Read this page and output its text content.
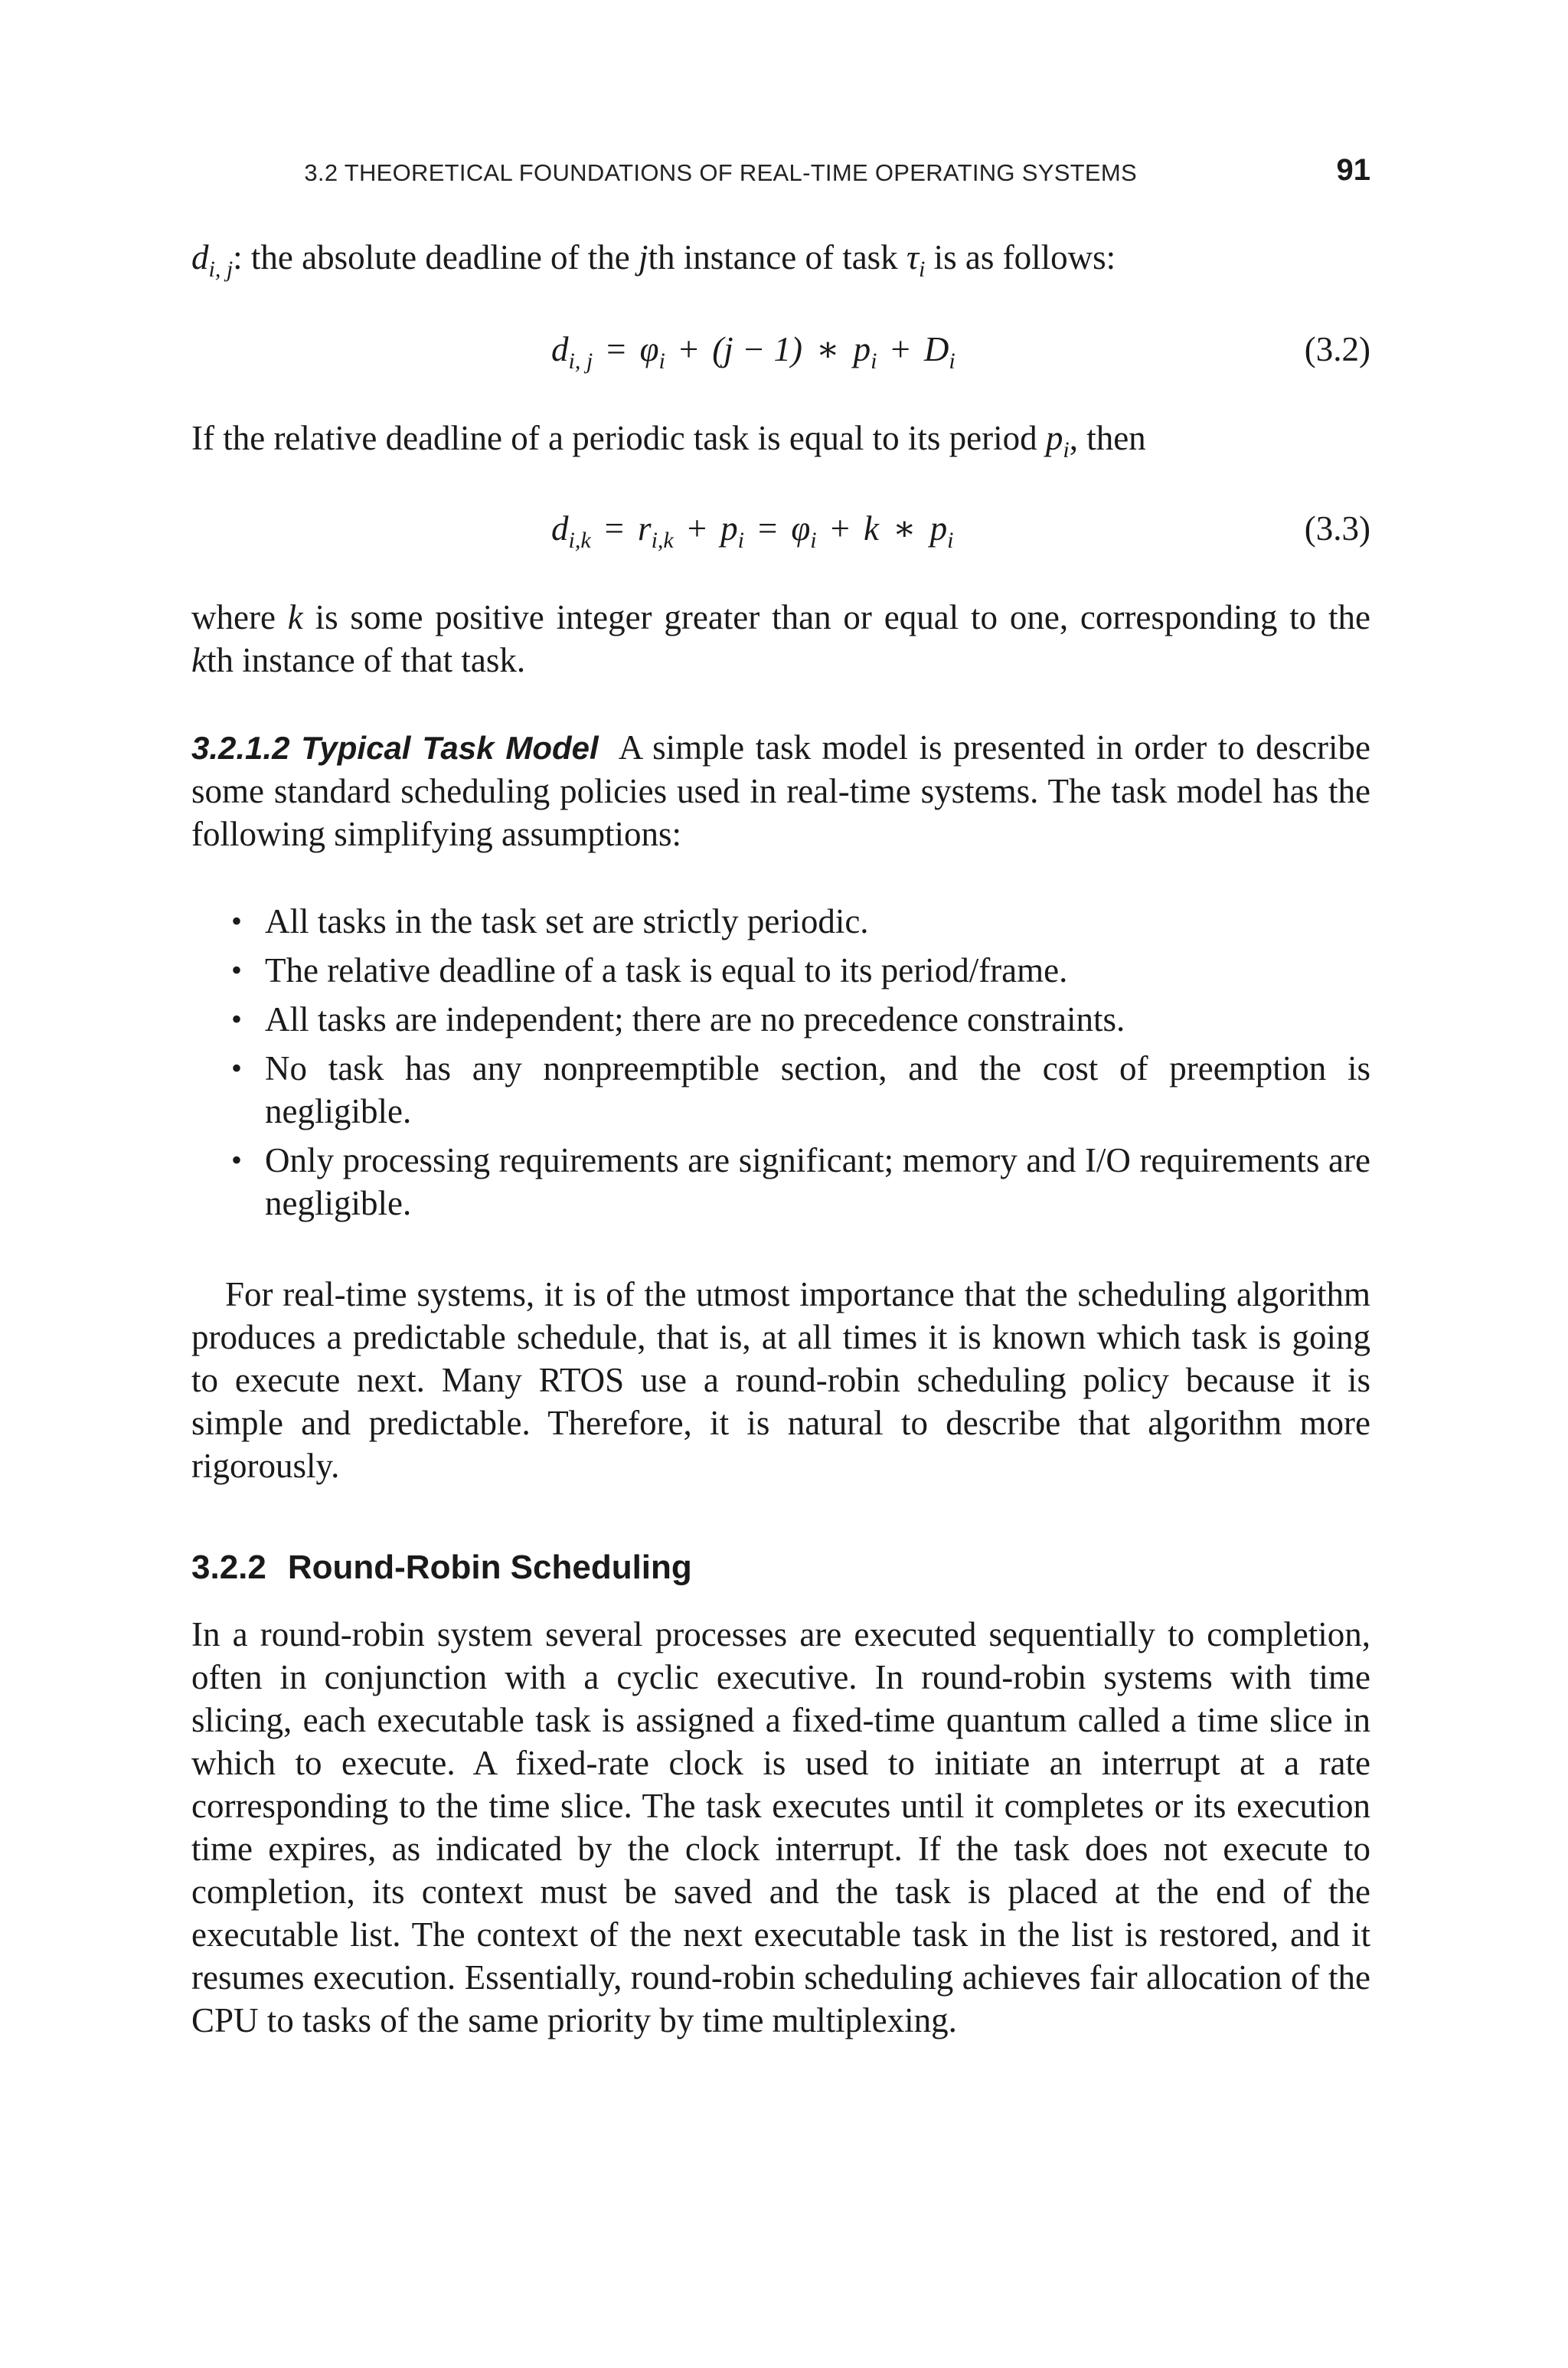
3.2 THEORETICAL FOUNDATIONS OF REAL-TIME OPERATING SYSTEMS	91
$d_{i, j}$: the absolute deadline of the jth instance of task $\tau_i$ is as follows:
$d_{i, j} = \varphi_i + (j - 1)$ ∗ $p_i + D_i$	(3.2)
If the relative deadline of a periodic task is equal to its period $p_i$, then
$d_{i,k} = r_{i,k} + p_i = \varphi_i + k$ ∗ $p_i$	(3.3)
where k is some positive integer greater than or equal to one, corresponding to the kth instance of that task.
3.2.1.2 Typical Task Model A simple task model is presented in order to describe some standard scheduling policies used in real-time systems. The task model has the following simplifying assumptions:
• All tasks in the task set are strictly periodic.
• The relative deadline of a task is equal to its period/frame.
• All tasks are independent; there are no precedence constraints.
• No task has any nonpreemptible section, and the cost of preemption is negligible.
• Only processing requirements are significant; memory and I/O requirements are negligible.
For real-time systems, it is of the utmost importance that the scheduling algorithm produces a predictable schedule, that is, at all times it is known which task is going to execute next. Many RTOS use a round-robin scheduling policy because it is simple and predictable. Therefore, it is natural to describe that algorithm more rigorously.
3.2.2 Round-Robin Scheduling
In a round-robin system several processes are executed sequentially to completion, often in conjunction with a cyclic executive. In round-robin systems with time slicing, each executable task is assigned a fixed-time quantum called a time slice in which to execute. A fixed-rate clock is used to initiate an interrupt at a rate corresponding to the time slice. The task executes until it completes or its execution time expires, as indicated by the clock interrupt. If the task does not execute to completion, its context must be saved and the task is placed at the end of the executable list. The context of the next executable task in the list is restored, and it resumes execution. Essentially, round-robin scheduling achieves fair allocation of the CPU to tasks of the same priority by time multiplexing.
